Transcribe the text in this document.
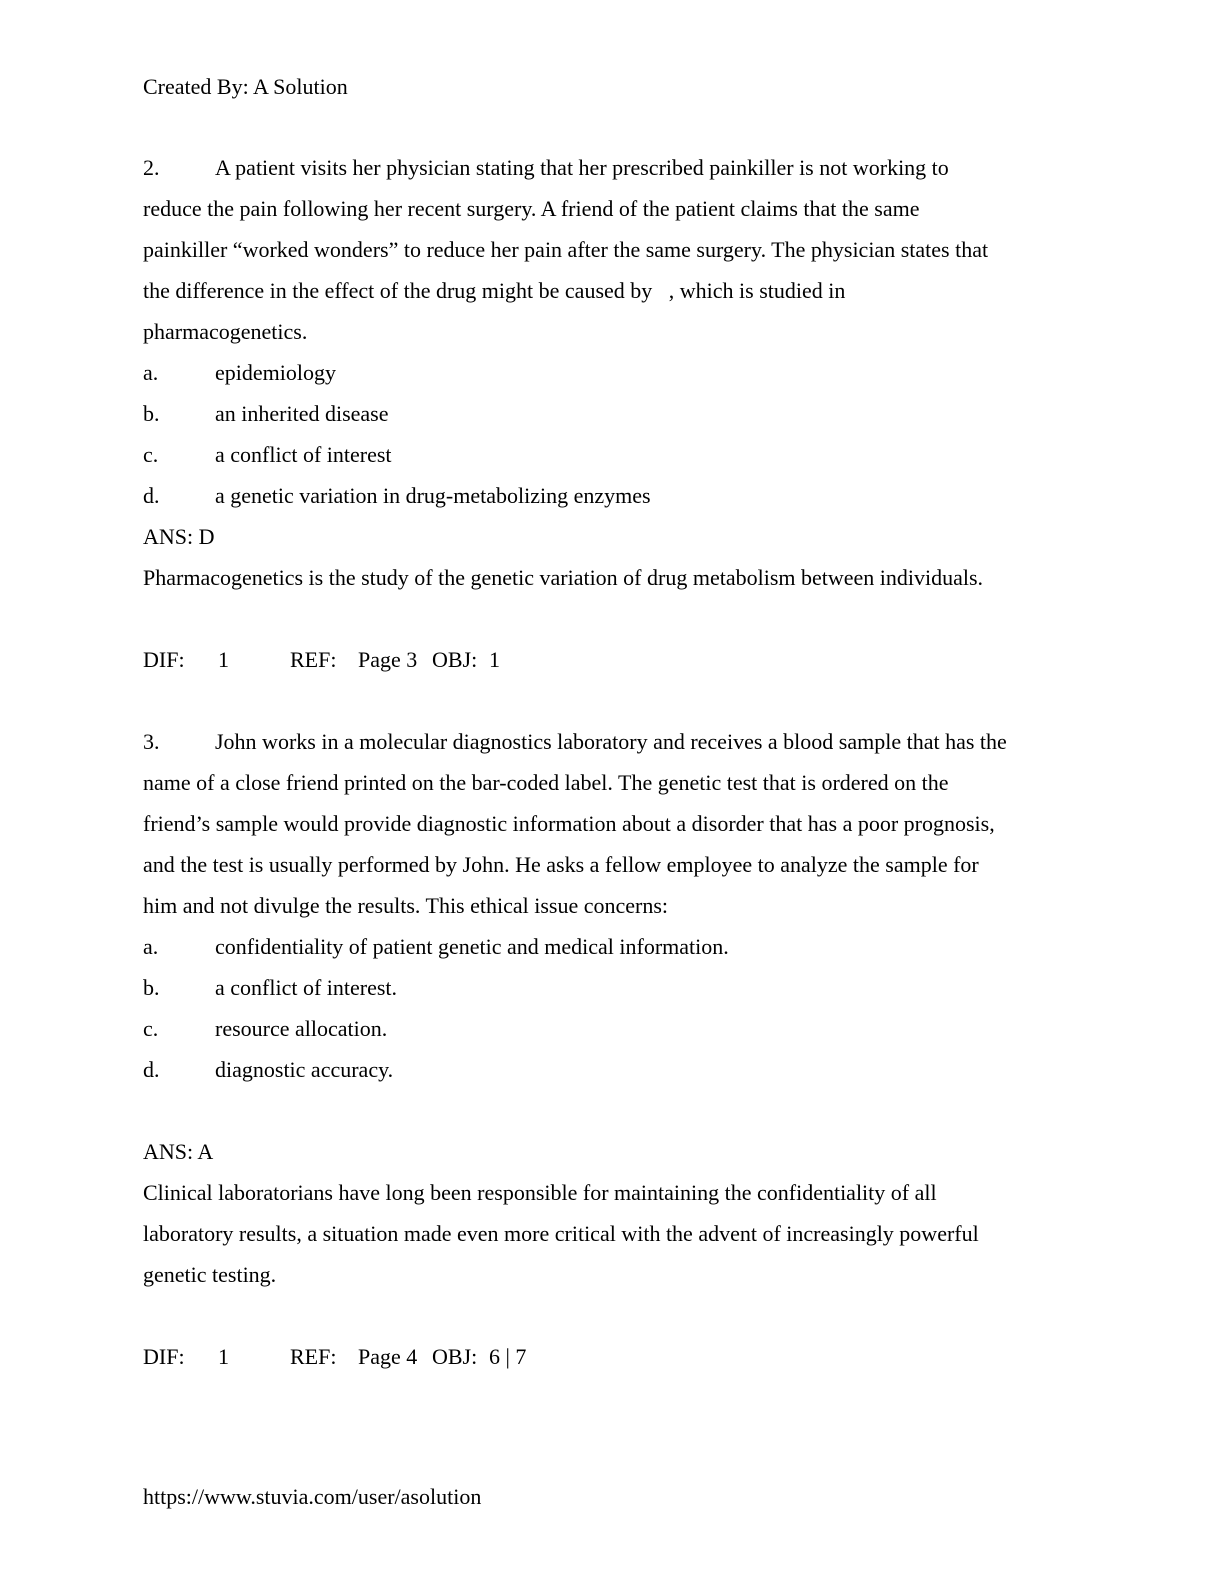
Created By: A Solution
2.	A patient visits her physician stating that her prescribed painkiller is not working to
reduce the pain following her recent surgery. A friend of the patient claims that the same
painkiller “worked wonders” to reduce her pain after the same surgery. The physician states that
the difference in the effect of the drug might be caused by   , which is studied in
pharmacogenetics.
a.	epidemiology
b.	an inherited disease
c.	a conflict of interest
d.	a genetic variation in drug-metabolizing enzymes
ANS: D
Pharmacogenetics is the study of the genetic variation of drug metabolism between individuals.

DIF:

1

	REF:

Page 3

OBJ:

1

3.	John works in a molecular diagnostics laboratory and receives a blood sample that has the
name of a close friend printed on the bar-coded label. The genetic test that is ordered on the
friend’s sample would provide diagnostic information about a disorder that has a poor prognosis,
and the test is usually performed by John. He asks a fellow employee to analyze the sample for
him and not divulge the results. This ethical issue concerns:
a.	confidentiality of patient genetic and medical information.
b.	a conflict of interest.
c.	resource allocation.
d.	diagnostic accuracy.
ANS: A
Clinical laboratorians have long been responsible for maintaining the confidentiality of all
laboratory results, a situation made even more critical with the advent of increasingly powerful
genetic testing.

DIF:

1

	REF:

Page 4

OBJ:

6 | 7

https://www.stuvia.com/user/asolution
